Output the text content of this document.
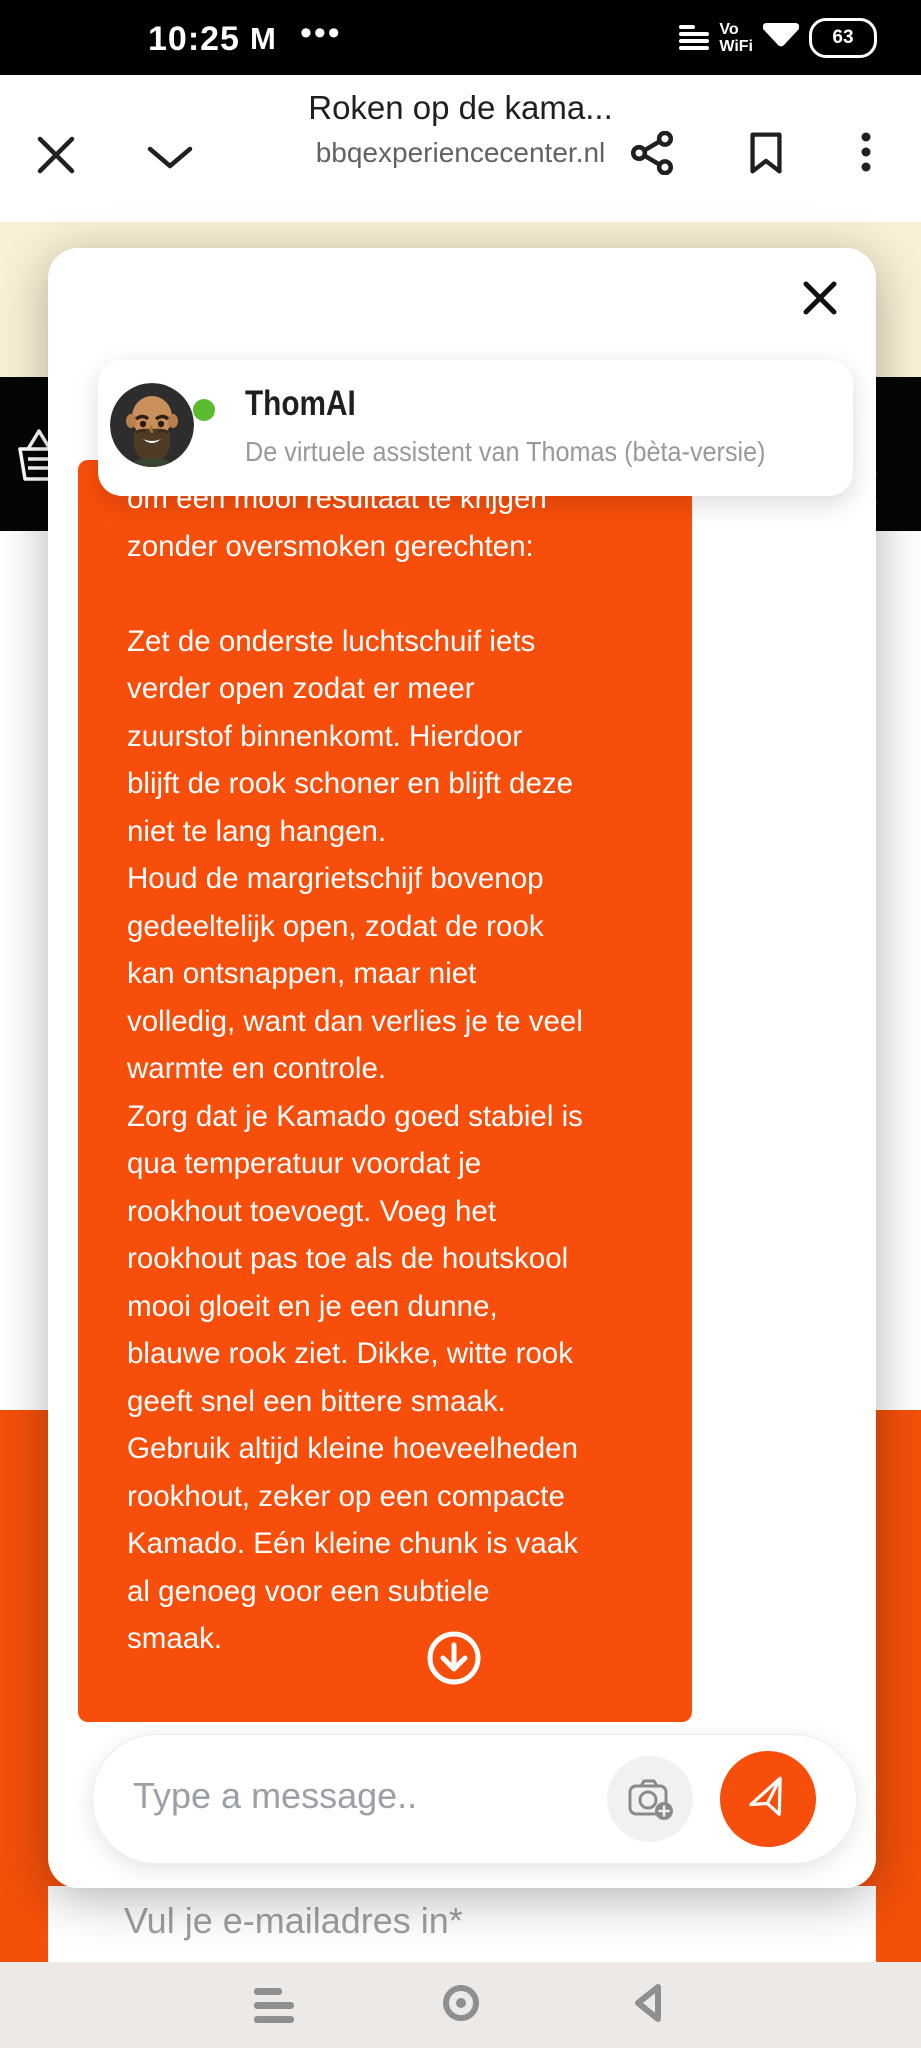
10:25 M •••	Vo
WiFi	63
Roken op de kama...
bbqexperiencecenter.nl
Vul je e-mailadres in*
om een mooi resultaat te krijgen
zonder oversmoken gerechten:
Zet de onderste luchtschuif iets
verder open zodat er meer
zuurstof binnenkomt. Hierdoor
blijft de rook schoner en blijft deze
niet te lang hangen.
Houd de margrietschijf bovenop
gedeeltelijk open, zodat de rook
kan ontsnappen, maar niet
volledig, want dan verlies je te veel
warmte en controle.
Zorg dat je Kamado goed stabiel is
qua temperatuur voordat je
rookhout toevoegt. Voeg het
rookhout pas toe als de houtskool
mooi gloeit en je een dunne,
blauwe rook ziet. Dikke, witte rook
geeft snel een bittere smaak.
Gebruik altijd kleine hoeveelheden
rookhout, zeker op een compacte
Kamado. Eén kleine chunk is vaak
al genoeg voor een subtiele
smaak.
ThomAI
De virtuele assistent van Thomas (bèta-versie)
Type a message..
